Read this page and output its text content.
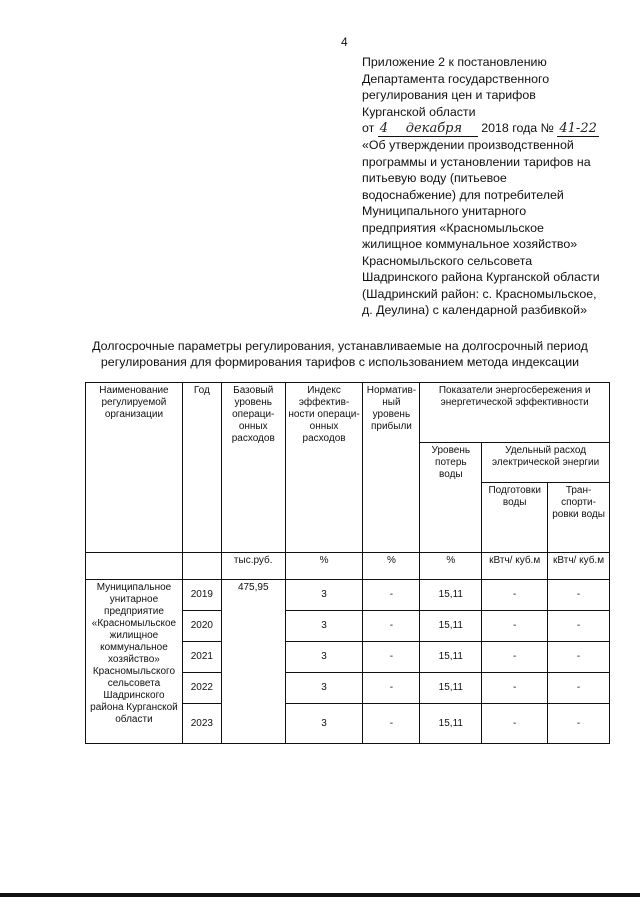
4
Приложение 2 к постановлению
Департамента государственного
регулирования цен и тарифов
Курганской области
от 4 декабря 2018 года № 41-22
«Об утверждении производственной
программы и установлении тарифов на
питьевую воду (питьевое
водоснабжение) для потребителей
Муниципального унитарного
предприятия «Красномыльское
жилищное коммунальное хозяйство»
Красномыльского сельсовета
Шадринского района Курганской области
(Шадринский район: с. Красномыльское,
д. Деулина) с календарной разбивкой»
Долгосрочные параметры регулирования, устанавливаемые на долгосрочный период
регулирования для формирования тарифов с использованием метода индексации
Наименование регулируемой организации	Год	Базовый уровень операци-онных расходов	Индекс эффектив-ности операци-онных расходов	Норматив-ный уровень прибыли	Показатели энергосбережения и энергетической эффективности		
					Уровень потерь воды	Удельный расход электрической энергии	
						Подготовки воды	Тран-спорти-ровки воды
		тыс.руб.	%	%	%	кВтч/ куб.м	кВтч/ куб.м
Муниципальное унитарное предприятие «Красномыльское жилищное коммунальное хозяйство» Красномыльского сельсовета Шадринского района Курганской области	2019	475,95	3	-	15,11	-	-
	2020		3	-	15,11	-	-
	2021		3	-	15,11	-	-
	2022		3	-	15,11	-	-
	2023		3	-	15,11	-	-
